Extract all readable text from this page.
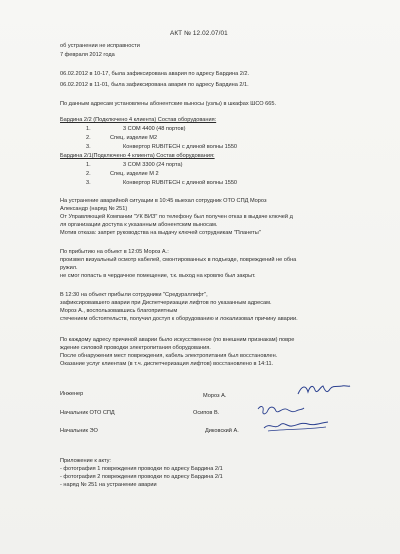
АКТ № 12.02.07/01
об устранении не исправности
7 февраля 2012 года
06.02.2012 в 10-17, была зафиксирована авария по адресу Бардина 2/2.
06.02.2012 в 11-01, была зафиксирована авария по адресу Бардина 2/1.
По данным адресам установлены абонентские выносы (узлы) в шкафах ШСО 665.
Бардина 2/2 (Подключено 4 клиента) Состав оборудования:
1.	3 COM 4400 (48 портов)
2.	Спец. изделие М2
3.	Конвертор RUBITECH с длиной волны 1550
Бардина 2/1(Подключено 4 клиента) Состав оборудования:
1.	3 COM 3300 (24 порта)
2.	Спец. изделие М 2
3.	Конвертор RUBITECH с длиной волны 1550
На устранение аварийной ситуации в 10:45 выехал сотрудник ОТО СПД Мороз
Александр (наряд № 251)
От Управляющей Компании "УК ВИЗ" по телефону был получен отказ в выдаче ключей д
ля организации доступа к указанным абонентским выносам.
Мотив отказа: запрет руководства на выдачу ключей сотрудникам "Планеты"
По прибытию на объект в 12:05 Мороз А.:
произвел визуальный осмотр кабелей, смонтированных в подъезде, повреждений не обна
ружил.
не смог попасть в чердачное помещение, т.к. выход на кровлю был закрыт.
В 12:30 на объект прибыли сотрудники "Средураллифт",
зафиксировавшего аварии при Диспетчеризации лифтов по указанным адресам.
Мороз А., воспользовавшись благоприятным
стечением обстоятельств, получил доступ к оборудованию и локализовал причину аварии.
По каждому адресу причиной аварии было искусственное (по внешним признакам) повре
ждение силовой проводки электропитания оборудования.
После обнаружения мест повреждения, кабель электропитания был восстановлен.
Оказание услуг клиентам (в т.ч. диспетчеризация лифтов) восстановлено в 14:11.
Инженер	Мороз А.
Начальник ОТО СПД	Осипов В.
Начальник ЭО	Диковский А.
Приложение к акту:
- фотография 1 повреждения проводки по адресу Бардина 2/1
- фотография 2 повреждения проводки по адресу Бардина 2/1
- наряд № 251 на устранение аварии
